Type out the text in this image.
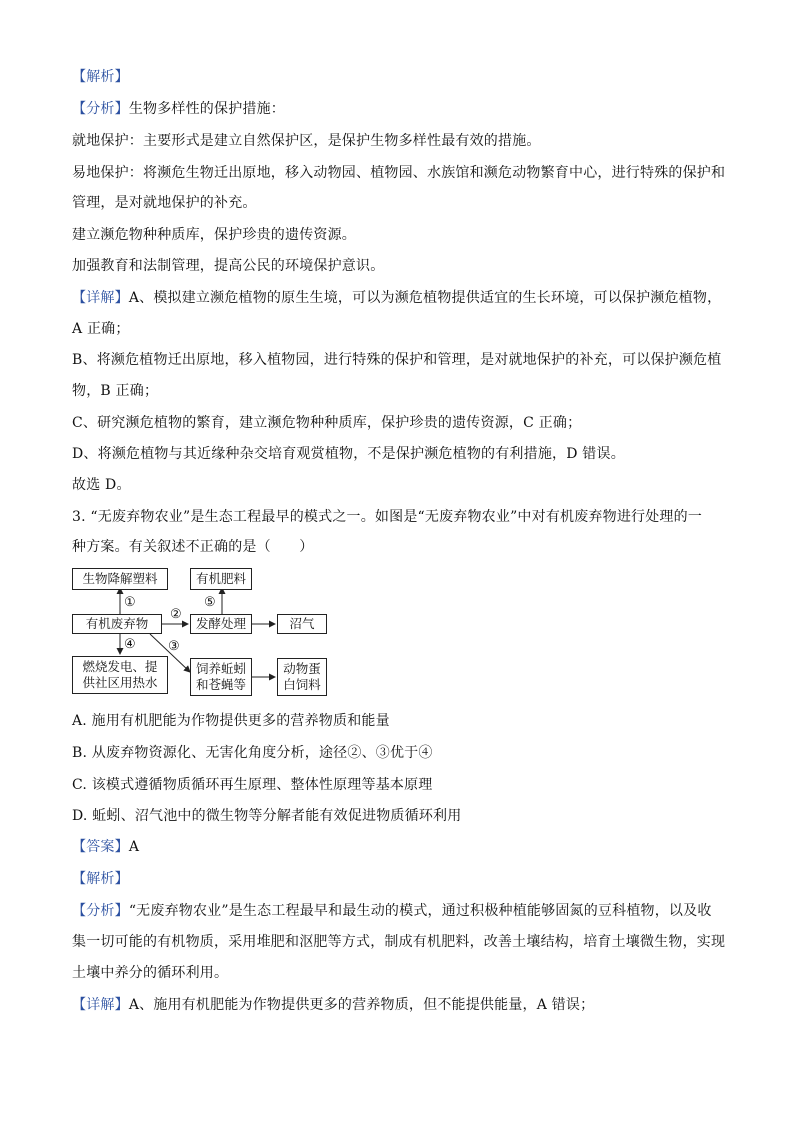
【解析】
【分析】生物多样性的保护措施：
就地保护：主要形式是建立自然保护区，是保护生物多样性最有效的措施。
易地保护：将濒危生物迁出原地，移入动物园、植物园、水族馆和濒危动物繁育中心，进行特殊的保护和
管理，是对就地保护的补充。
建立濒危物种种质库，保护珍贵的遗传资源。
加强教育和法制管理，提高公民的环境保护意识。
【详解】A、模拟建立濒危植物的原生生境，可以为濒危植物提供适宜的生长环境，可以保护濒危植物，
A 正确；
B、将濒危植物迁出原地，移入植物园，进行特殊的保护和管理，是对就地保护的补充，可以保护濒危植
物，B 正确；
C、研究濒危植物的繁育，建立濒危物种种质库，保护珍贵的遗传资源，C 正确；
D、将濒危植物与其近缘种杂交培育观赏植物，不是保护濒危植物的有利措施，D 错误。
故选 D。
3. “无废弃物农业”是生态工程最早的模式之一。如图是“无废弃物农业”中对有机废弃物进行处理的一
种方案。有关叙述不正确的是（　　）
生物降解塑料	有机肥料
有机废弃物	发酵处理	沼气
燃烧发电、提
供社区用热水
饲养蚯蚓
和苍蝇等
动物蛋
白饲料
①
②
③
④
⑤
A. 施用有机肥能为作物提供更多的营养物质和能量
B. 从废弃物资源化、无害化角度分析，途径②、③优于④
C. 该模式遵循物质循环再生原理、整体性原理等基本原理
D. 蚯蚓、沼气池中的微生物等分解者能有效促进物质循环利用
【答案】A
【解析】
【分析】“无废弃物农业”是生态工程最早和最生动的模式，通过积极种植能够固氮的豆科植物，以及收
集一切可能的有机物质，采用堆肥和沤肥等方式，制成有机肥料，改善土壤结构，培育土壤微生物，实现
土壤中养分的循环利用。
【详解】A、施用有机肥能为作物提供更多的营养物质，但不能提供能量，A 错误；
